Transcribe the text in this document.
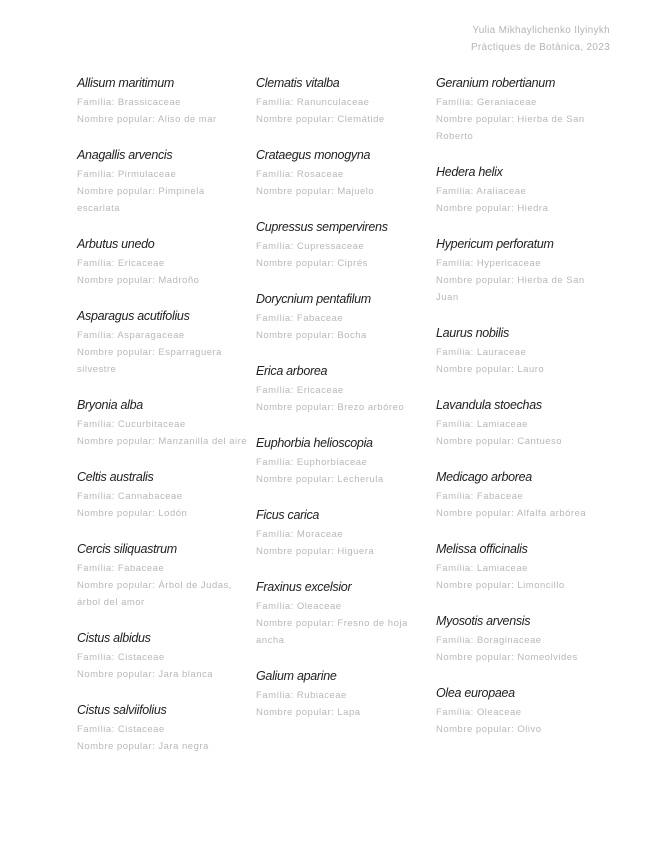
Yulia Mikhaylichenko Ilyinykh
Pràctiques de Botànica, 2023
Allisum maritimum
Família: Brassicaceae
Nombre popular: Aliso de mar
Anagallis arvencis
Família: Pirmulaceae
Nombre popular: Pimpinela escarlata
Arbutus unedo
Família: Ericaceae
Nombre popular: Madroño
Asparagus acutifolius
Família: Asparagaceae
Nombre popular: Esparraguera silvestre
Bryonia alba
Família: Cucurbitaceae
Nombre popular: Manzanilla del aire
Celtis australis
Família: Cannabaceae
Nombre popular: Lodón
Cercis siliquastrum
Família: Fabaceae
Nombre popular: Árbol de Judas, árbol del amor
Cistus albidus
Família: Cistaceae
Nombre popular: Jara blanca
Cistus salviifolius
Família: Cistaceae
Nombre popular: Jara negra
Clematis vitalba
Família: Ranunculaceae
Nombre popular: Clemátide
Crataegus monogyna
Família: Rosaceae
Nombre popular: Majuelo
Cupressus sempervirens
Família: Cupressaceae
Nombre popular: Ciprés
Dorycnium pentafilum
Família: Fabaceae
Nombre popular: Bocha
Erica arborea
Família: Ericaceae
Nombre popular: Brezo arbóreo
Euphorbia helioscopia
Família: Euphorbiaceae
Nombre popular: Lecherula
Ficus carica
Família: Moraceae
Nombre popular: Higuera
Fraxinus excelsior
Família: Oleaceae
Nombre popular: Fresno de hoja ancha
Galium aparine
Família: Rubiaceae
Nombre popular: Lapa
Geranium robertianum
Família: Geraniaceae
Nombre popular: Hierba de San Roberto
Hedera helix
Família: Araliaceae
Nombre popular: Hiedra
Hypericum perforatum
Família: Hypericaceae
Nombre popular: Hierba de San Juan
Laurus nobilis
Família: Lauraceae
Nombre popular: Lauro
Lavandula stoechas
Família: Lamiaceae
Nombre popular: Cantueso
Medicago arborea
Família: Fabaceae
Nombre popular: Alfalfa arbórea
Melissa officinalis
Família: Lamiaceae
Nombre popular: Limoncillo
Myosotis arvensis
Família: Boraginaceae
Nombre popular: Nomeolvides
Olea europaea
Família: Oleaceae
Nombre popular: Olivo
